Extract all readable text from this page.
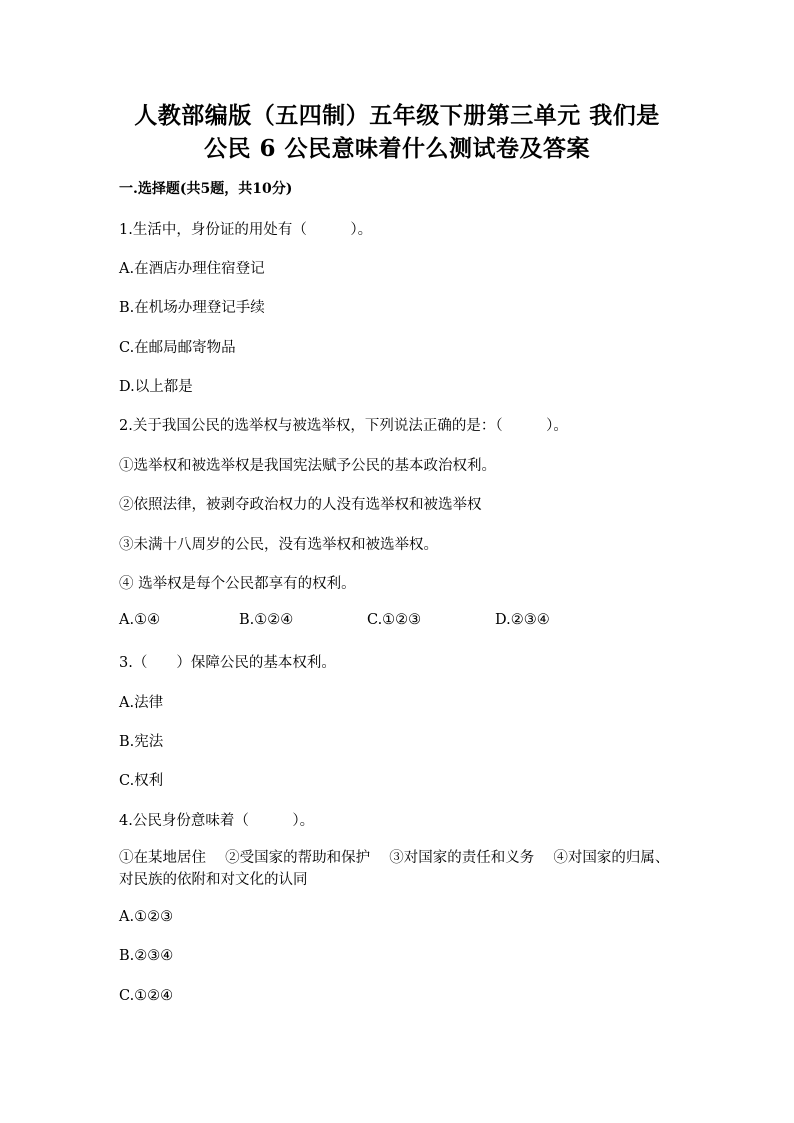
人教部编版（五四制）五年级下册第三单元 我们是
公民 6 公民意味着什么测试卷及答案
一.选择题(共5题，共10分)
1.生活中，身份证的用处有（　　　）。
A.在酒店办理住宿登记
B.在机场办理登记手续
C.在邮局邮寄物品
D.以上都是
2.关于我国公民的选举权与被选举权，下列说法正确的是：（　　　）。
①选举权和被选举权是我国宪法赋予公民的基本政治权利。
②依照法律，被剥夺政治权力的人没有选举权和被选举权
③未满十八周岁的公民，没有选举权和被选举权。
④ 选举权是每个公民都享有的权利。
A.①④	B.①②④	C.①②③	D.②③④
3.（　　）保障公民的基本权利。
A.法律
B.宪法
C.权利
4.公民身份意味着（　　　）。
①在某地居住　 ②受国家的帮助和保护　 ③对国家的责任和义务　 ④对国家的归属、对民族的依附和对文化的认同
A.①②③
B.②③④
C.①②④
